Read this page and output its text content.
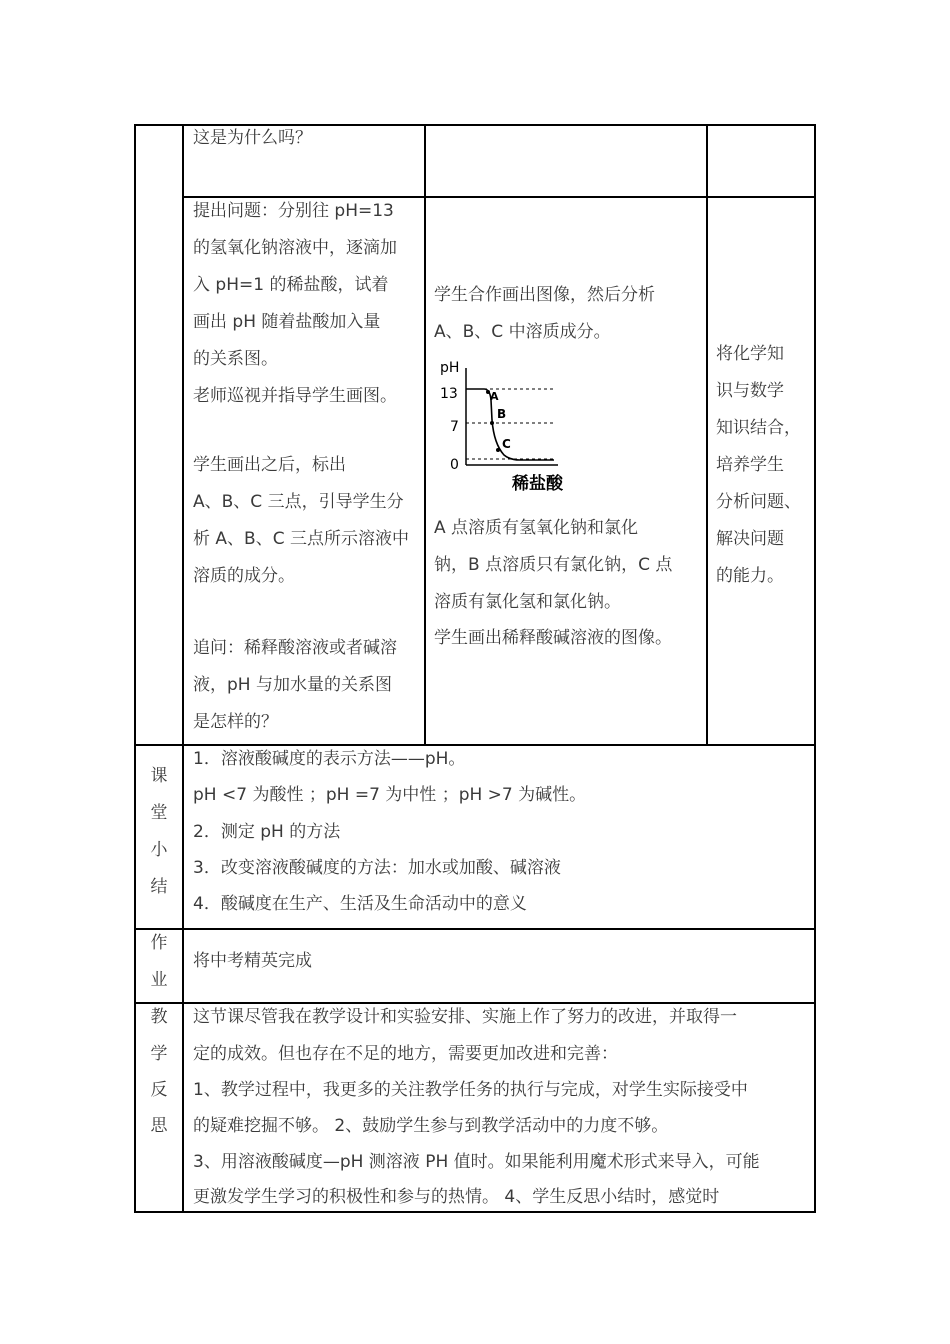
这是为什么吗？
提出问题：分别往 pH=13
的氢氧化钠溶液中，逐滴加
入 pH=1 的稀盐酸，试着
画出 pH 随着盐酸加入量
的关系图。
老师巡视并指导学生画图。
学生画出之后，标出
A、B、C 三点，引导学生分
析 A、B、C 三点所示溶液中
溶质的成分。
追问：稀释酸溶液或者碱溶
液，pH 与加水量的关系图
是怎样的？
学生合作画出图像，然后分析
A、B、C 中溶质成分。
pH
13
7
0
A
B
C
稀盐酸
A 点溶质有氢氧化钠和氯化
钠，B 点溶质只有氯化钠，C 点
溶质有氯化氢和氯化钠。
学生画出稀释酸碱溶液的图像。
将化学知
识与数学
知识结合，
培养学生
分析问题、
解决问题
的能力。
课
堂
小
结
1．溶液酸碱度的表示方法——pH。
pH <7 为酸性 ；pH =7 为中性 ；pH >7 为碱性。
2．测定 pH 的方法
3．改变溶液酸碱度的方法：加水或加酸、碱溶液
4．酸碱度在生产、生活及生命活动中的意义
作
业
将中考精英完成
教
学
反
思
这节课尽管我在教学设计和实验安排、实施上作了努力的改进，并取得一
定的成效。但也存在不足的地方，需要更加改进和完善：
1、教学过程中，我更多的关注教学任务的执行与完成，对学生实际接受中
的疑难挖掘不够。 2、鼓励学生参与到教学活动中的力度不够。
3、用溶液酸碱度—pH 测溶液 PH 值时。如果能利用魔术形式来导入，可能
更激发学生学习的积极性和参与的热情。 4、学生反思小结时，感觉时
